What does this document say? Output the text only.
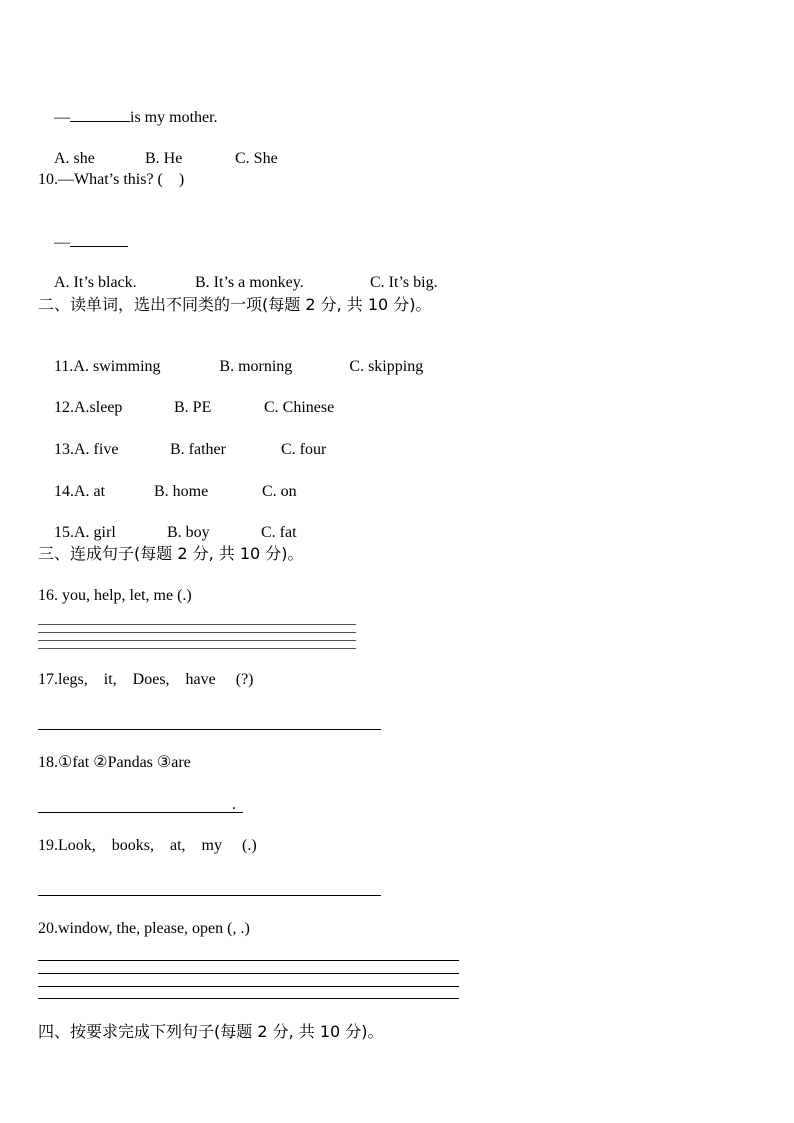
—	is my mother.

A. she	B. He	C. She

10.—What’s this? (    )

—

A. It’s black.	B. It’s a monkey.	C. It’s big.

二、读单词，选出不同类的一项(每题 2 分, 共 10 分)。

11.A. swimming	B. morning	C. skipping

12.A.sleep	B. PE	C. Chinese

13.A. five	B. father	C. four

14.A. at	B. home	C. on

15.A. girl	B. boy	C. fat

三、连成句子(每题 2 分, 共 10 分)。
16. you, help, let, me (.)
17.legs,    it,    Does,    have     (?)
18.①fat ②Pandas ③are
.
19.Look,    books,    at,    my     (.)
20.window, the, please, open (, .)
四、按要求完成下列句子(每题 2 分, 共 10 分)。
